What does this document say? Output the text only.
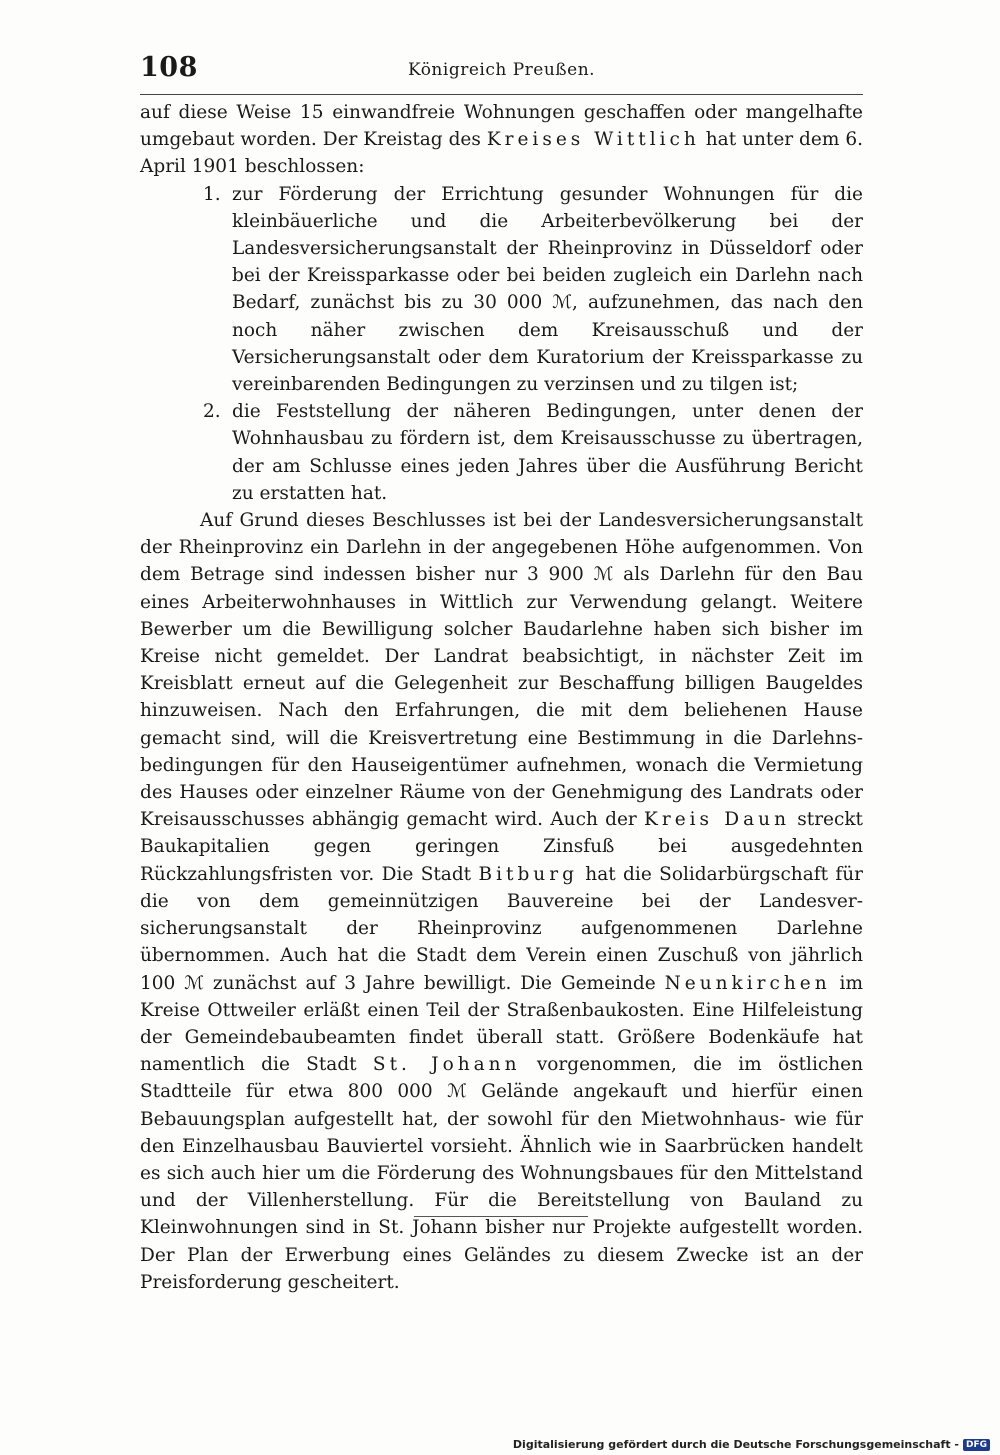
108	Königreich Preußen.

auf diese Weise 15 einwandfreie Wohnungen geschaffen oder mangelhafte umgebaut worden. Der Kreistag des Kreises Wittlich hat unter dem 6. April 1901 beschlossen:

1. zur Förderung der Errichtung gesunder Wohnungen für die kleinbäuerliche und die Arbeiterbevölkerung bei der Landesversicherungsanstalt der Rheinprovinz in Düsseldorf oder bei der Kreissparkasse oder bei beiden zugleich ein Darlehn nach Bedarf, zunächst bis zu 30 000 ℳ, aufzunehmen, das nach den noch näher zwischen dem Kreisausschuß und der Versicherungsanstalt oder dem Kuratorium der Kreissparkasse zu vereinbarenden Bedingungen zu verzinsen und zu tilgen ist;
2. die Feststellung der näheren Bedingungen, unter denen der Wohnhausbau zu fördern ist, dem Kreisausschusse zu übertragen, der am Schlusse eines jeden Jahres über die Ausführung Bericht zu erstatten hat.

Auf Grund dieses Beschlusses ist bei der Landesversicherungsanstalt der Rheinprovinz ein Darlehn in der angegebenen Höhe aufgenommen. Von dem Betrage sind indessen bisher nur 3 900 ℳ als Darlehn für den Bau eines Arbeiterwohnhauses in Wittlich zur Verwendung gelangt. Weitere Bewerber um die Bewilligung solcher Baudarlehne haben sich bisher im Kreise nicht gemeldet. Der Landrat beabsichtigt, in nächster Zeit im Kreisblatt erneut auf die Gelegenheit zur Beschaffung billigen Baugeldes hinzuweisen. Nach den Erfahrungen, die mit dem beliehenen Hause gemacht sind, will die Kreisvertretung eine Bestimmung in die Darlehnsbedingungen für den Hauseigentümer aufnehmen, wonach die Vermietung des Hauses oder einzelner Räume von der Genehmigung des Landrats oder Kreisausschusses abhängig gemacht wird. Auch der Kreis Daun streckt Baukapitalien gegen geringen Zinsfuß bei ausgedehnten Rückzahlungsfristen vor. Die Stadt Bitburg hat die Solidarbürgschaft für die von dem gemeinnützigen Bauvereine bei der Landesversicherungsanstalt der Rheinprovinz aufgenommenen Darlehne übernommen. Auch hat die Stadt dem Verein einen Zuschuß von jährlich 100 ℳ zunächst auf 3 Jahre bewilligt. Die Gemeinde Neunkirchen im Kreise Ottweiler erläßt einen Teil der Straßenbaukosten. Eine Hilfeleistung der Gemeindebaubeamten findet überall statt. Größere Bodenkäufe hat namentlich die Stadt St. Johann vorgenommen, die im östlichen Stadtteile für etwa 800 000 ℳ Gelände angekauft und hierfür einen Bebauungsplan aufgestellt hat, der sowohl für den Mietwohnhaus- wie für den Einzelhausbau Bauviertel vorsieht. Ähnlich wie in Saarbrücken handelt es sich auch hier um die Förderung des Wohnungsbaues für den Mittelstand und der Villenherstellung. Für die Bereitstellung von Bauland zu Kleinwohnungen sind in St. Johann bisher nur Projekte aufgestellt worden. Der Plan der Erwerbung eines Geländes zu diesem Zwecke ist an der Preisforderung gescheitert.

Digitalisierung gefördert durch die Deutsche Forschungsgemeinschaft - DFG
